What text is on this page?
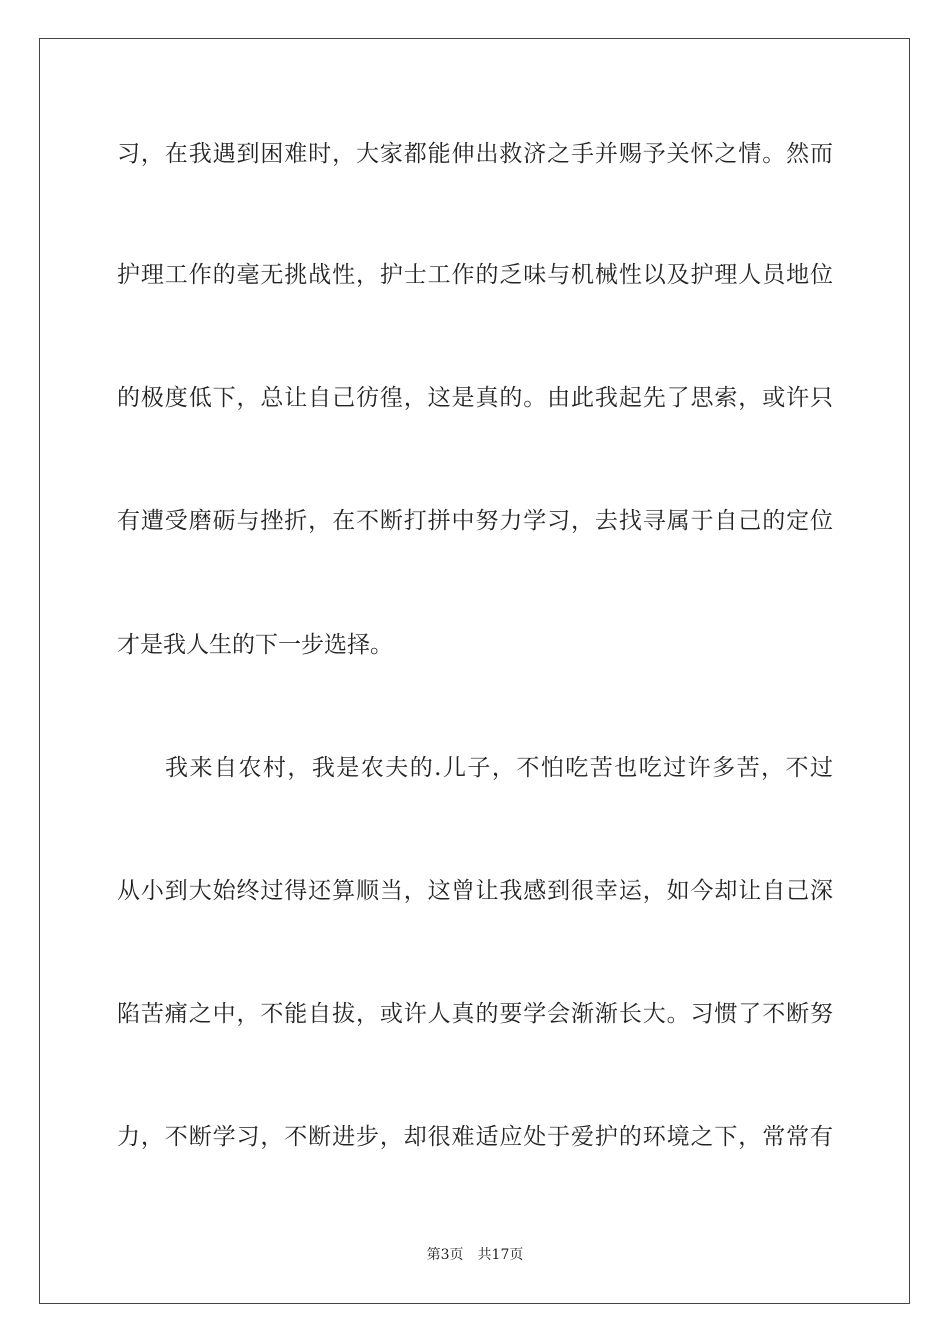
习，在我遇到困难时，大家都能伸出救济之手并赐予关怀之情。然而
护理工作的毫无挑战性，护士工作的乏味与机械性以及护理人员地位
的极度低下，总让自己彷徨，这是真的。由此我起先了思索，或许只
有遭受磨砺与挫折，在不断打拼中努力学习，去找寻属于自己的定位
才是我人生的下一步选择。
我来自农村，我是农夫的.儿子，不怕吃苦也吃过许多苦，不过
从小到大始终过得还算顺当，这曾让我感到很幸运，如今却让自己深
陷苦痛之中，不能自拔，或许人真的要学会渐渐长大。习惯了不断努
力，不断学习，不断进步，却很难适应处于爱护的环境之下，常常有
第3页 共17页
